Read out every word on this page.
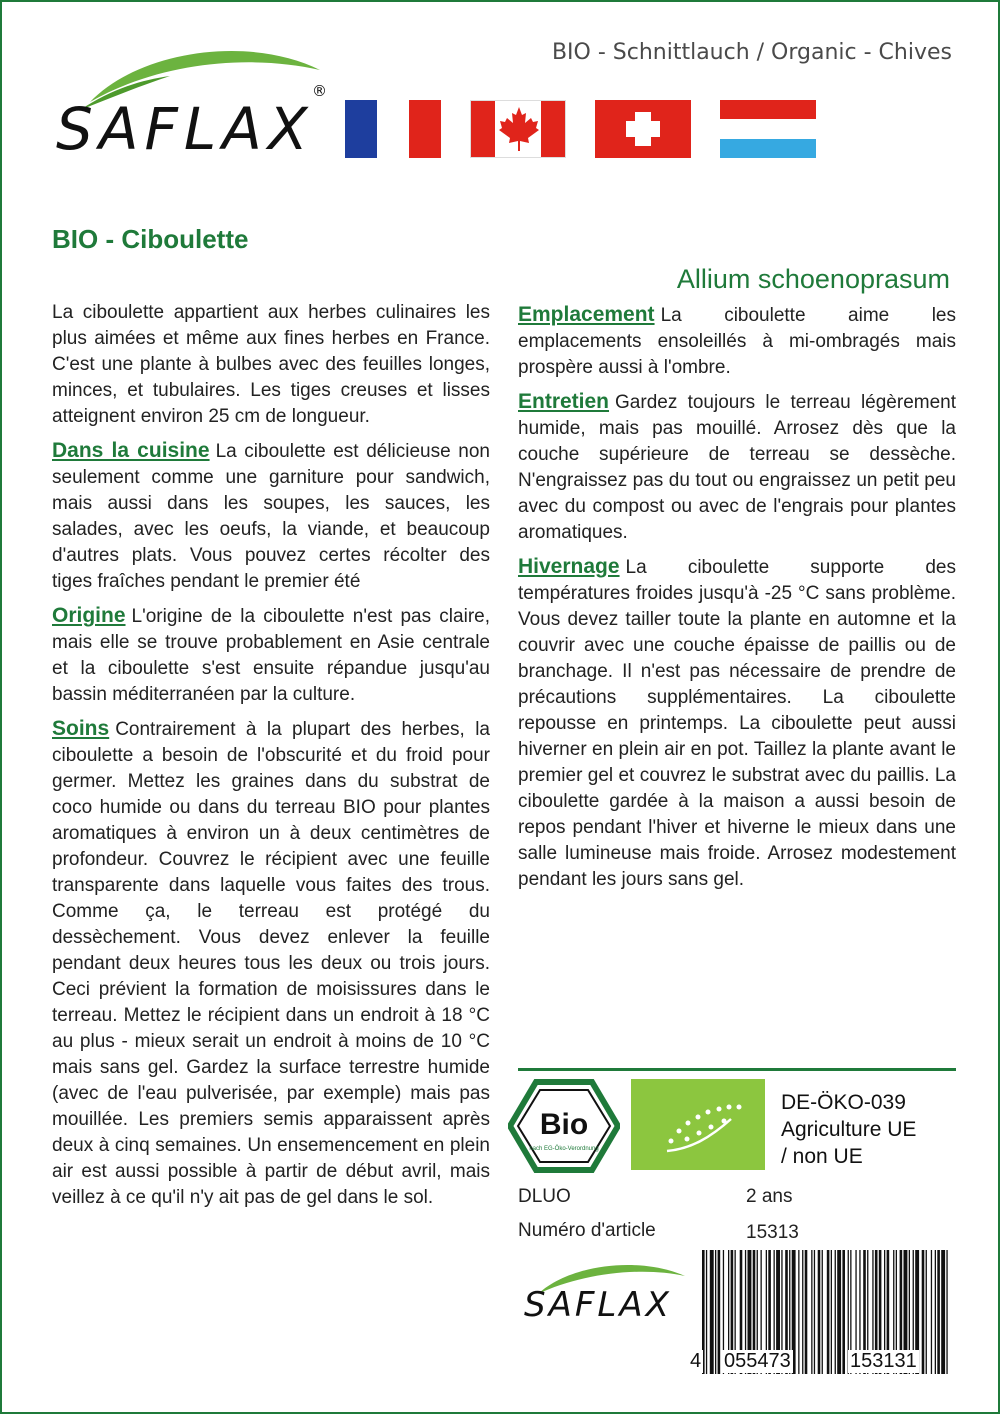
BIO - Schnittlauch / Organic - Chives
SAFLAX
®
BIO - Ciboulette
Allium schoenoprasum

La ciboulette appartient aux herbes culinaires les plus aimées et même aux fines herbes en France. C'est une plante à bulbes avec des feuilles longes, minces, et tubulaires. Les tiges creuses et lisses atteignent environ 25 cm de longueur.

Dans la cuisine La ciboulette est délicieuse non seulement comme une garniture pour sandwich, mais aussi dans les soupes, les sauces, les salades, avec les oeufs, la viande, et beaucoup d'autres plats. Vous pouvez certes récolter des tiges fraîches pendant le premier été

Origine L'origine de la ciboulette n'est pas claire, mais elle se trouve probablement en Asie centrale et la ciboulette s'est ensuite répandue jusqu'au bassin méditerranéen par la culture.

Soins Contrairement à la plupart des herbes, la ciboulette a besoin de l'obscurité et du froid pour germer. Mettez les graines dans du substrat de coco humide ou dans du terreau BIO pour plantes aromatiques à environ un à deux centimètres de profondeur. Couvrez le récipient avec une feuille transparente dans laquelle vous faites des trous. Comme ça, le terreau est protégé du dessèchement. Vous devez enlever la feuille pendant deux heures tous les deux ou trois jours. Ceci prévient la formation de moisissures dans le terreau. Mettez le récipient dans un endroit à 18 °C au plus - mieux serait un endroit à moins de 10 °C mais sans gel. Gardez la surface terrestre humide (avec de l'eau pulverisée, par exemple) mais pas mouillée. Les premiers semis apparaissent après deux à cinq semaines. Un ensemencement en plein air est aussi possible à partir de début avril, mais veillez à ce qu'il n'y ait pas de gel dans le sol.

Emplacement La ciboulette aime les emplacements ensoleillés à mi-ombragés mais prospère aussi à l'ombre.

Entretien Gardez toujours le terreau légèrement humide, mais pas mouillé. Arrosez dès que la couche supérieure de terreau se dessèche. N'engraissez pas du tout ou engraissez un petit peu avec du compost ou avec de l'engrais pour plantes aromatiques.

Hivernage La ciboulette supporte des températures froides jusqu'à -25 °C sans problème. Vous devez tailler toute la plante en automne et la couvrir avec une couche épaisse de paillis ou de branchage. Il n'est pas nécessaire de prendre de précautions supplémentaires. La ciboulette repousse en printemps. La ciboulette peut aussi hiverner en plein air en pot. Taillez la plante avant le premier gel et couvrez le substrat avec du paillis. La ciboulette gardée à la maison a aussi besoin de repos pendant l'hiver et hiverne le mieux dans une salle lumineuse mais froide. Arrosez modestement pendant les jours sans gel.

Bio
nach EG-Öko-Verordnung
DE-ÖKO-039
Agriculture UE
/ non UE
DLUO	2 ans
Numéro d'article	15313
SAFLAX
4 055473	153131
